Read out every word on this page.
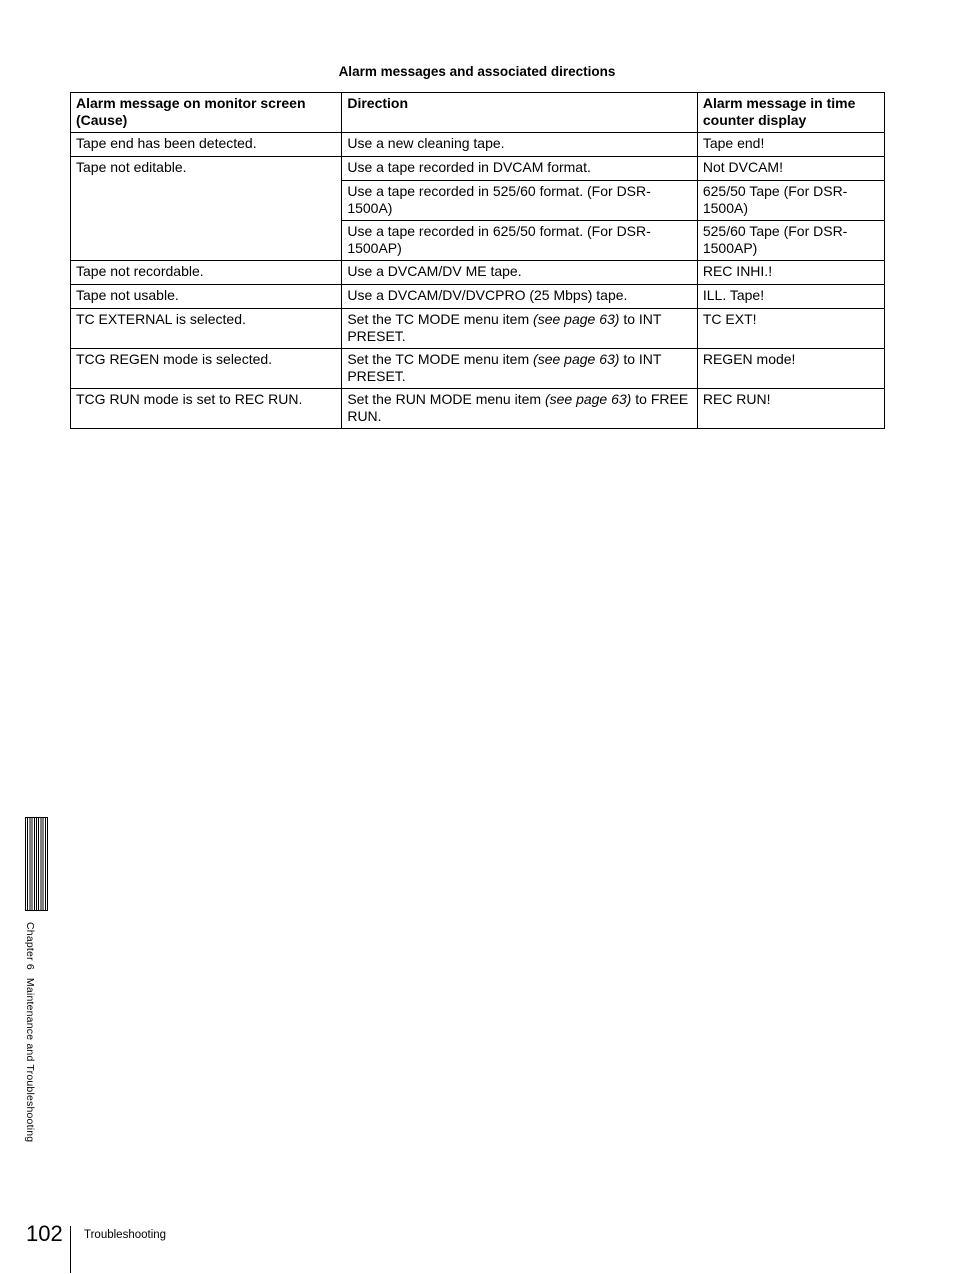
Alarm messages and associated directions
Alarm message on monitor screen (Cause)	Direction	Alarm message in time counter display
Tape end has been detected.	Use a new cleaning tape.	Tape end!
Tape not editable.	Use a tape recorded in DVCAM format.	Not DVCAM!
	Use a tape recorded in 525/60 format. (For DSR-1500A)	625/50 Tape (For DSR-1500A)
	Use a tape recorded in 625/50 format. (For DSR-1500AP)	525/60 Tape (For DSR-1500AP)
Tape not recordable.	Use a DVCAM/DV ME tape.	REC INHI.!
Tape not usable.	Use a DVCAM/DV/DVCPRO (25 Mbps) tape.	ILL. Tape!
TC EXTERNAL is selected.	Set the TC MODE menu item (see page 63) to INT PRESET.	TC EXT!
TCG REGEN mode is selected.	Set the TC MODE menu item (see page 63) to INT PRESET.	REGEN mode!
TCG RUN mode is set to REC RUN.	Set the RUN MODE menu item (see page 63) to FREE RUN.	REC RUN!
Chapter 6Maintenance and Troubleshooting
102 Troubleshooting
